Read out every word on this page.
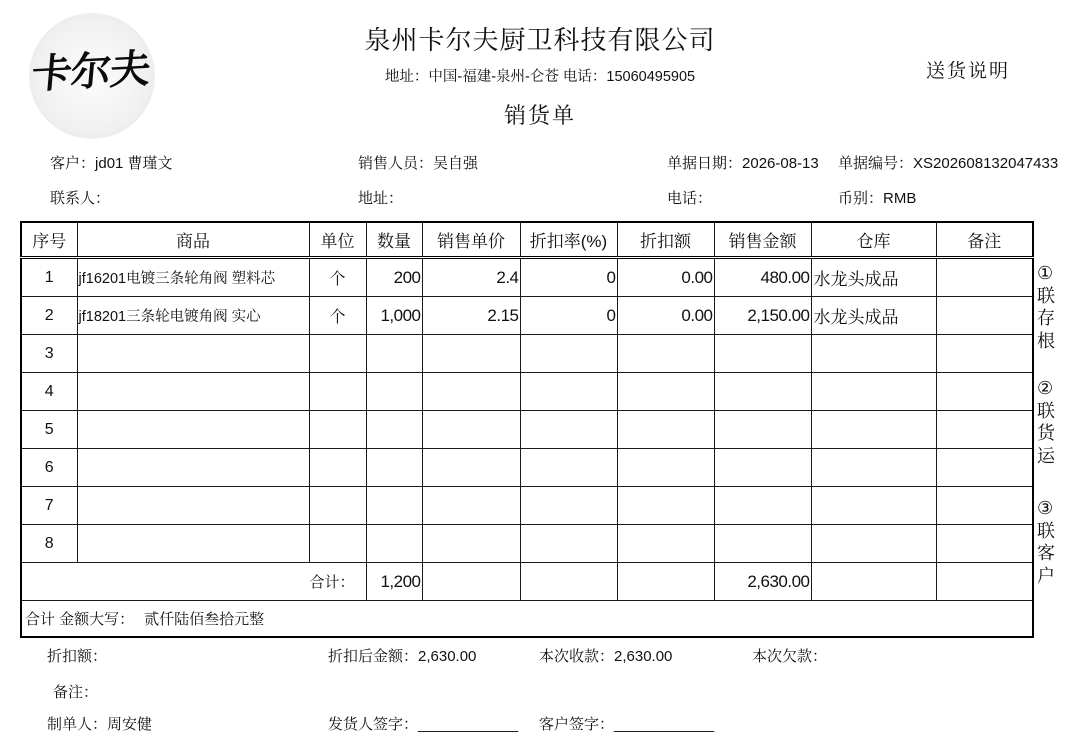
卡尔夫
泉州卡尔夫厨卫科技有限公司
地址：中国-福建-泉州-仑苍 电话：15060495905
销货单
送货说明
客户：jd01 曹瑾文	销售人员：吴自强	单据日期：2026-08-13 单据编号：XS202608132047433
联系人：	地址：	电话：	币别：RMB
序号	商品	单位	数量	销售单价	折扣率(%)	折扣额	销售金额	仓库	备注
1	jf16201电镀三条轮角阀 塑料芯	个	200	2.4	0	0.00	480.00	水龙头成品	
2	jf18201三条轮电镀角阀 实心	个	1,000	2.15	0	0.00	2,150.00	水龙头成品	
3									
4									
5									
6									
7									
8									
合计：			1,200				2,630.00		
合计 金额大写： 贰仟陆佰叁拾元整									
①联存根
②联货运
③联客户
折扣额：	折扣后金额：2,630.00	本次收款：2,630.00	本次欠款：
备注：
制单人：周安健	发货人签字：____________ 客户签字：____________
